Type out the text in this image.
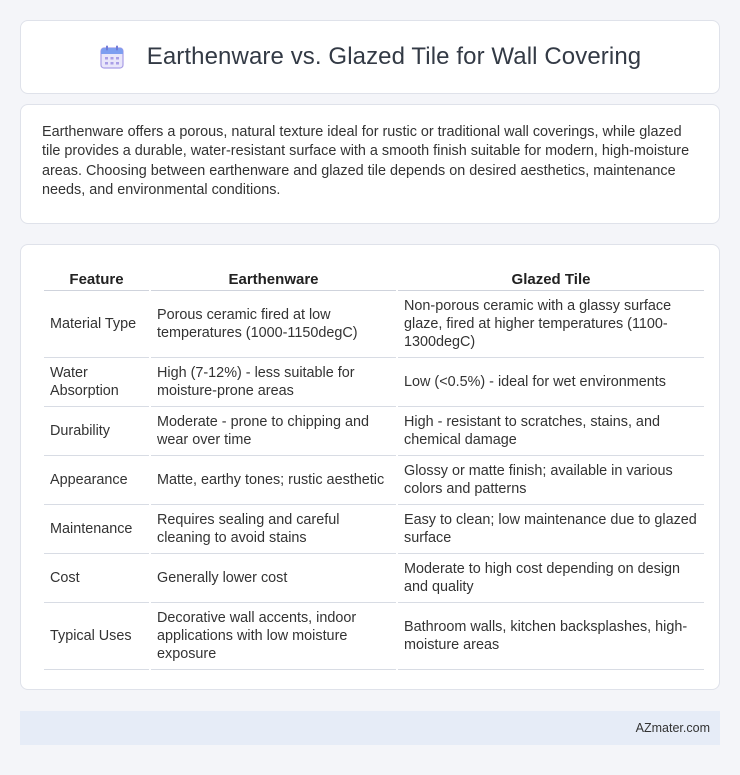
Earthenware vs. Glazed Tile for Wall Covering

Earthenware offers a porous, natural texture ideal for rustic or traditional wall coverings, while glazed tile provides a durable, water-resistant surface with a smooth finish suitable for modern, high-moisture areas. Choosing between earthenware and glazed tile depends on desired aesthetics, maintenance needs, and environmental conditions.

Feature	Earthenware	Glazed Tile
Material Type	Porous ceramic fired at low temperatures (1000-1150degC)	Non-porous ceramic with a glassy surface glaze, fired at higher temperatures (1100-1300degC)
Water Absorption	High (7-12%) - less suitable for moisture-prone areas	Low (<0.5%) - ideal for wet environments
Durability	Moderate - prone to chipping and wear over time	High - resistant to scratches, stains, and chemical damage
Appearance	Matte, earthy tones; rustic aesthetic	Glossy or matte finish; available in various colors and patterns
Maintenance	Requires sealing and careful cleaning to avoid stains	Easy to clean; low maintenance due to glazed surface
Cost	Generally lower cost	Moderate to high cost depending on design and quality
Typical Uses	Decorative wall accents, indoor applications with low moisture exposure	Bathroom walls, kitchen backsplashes, high-moisture areas
AZmater.com
